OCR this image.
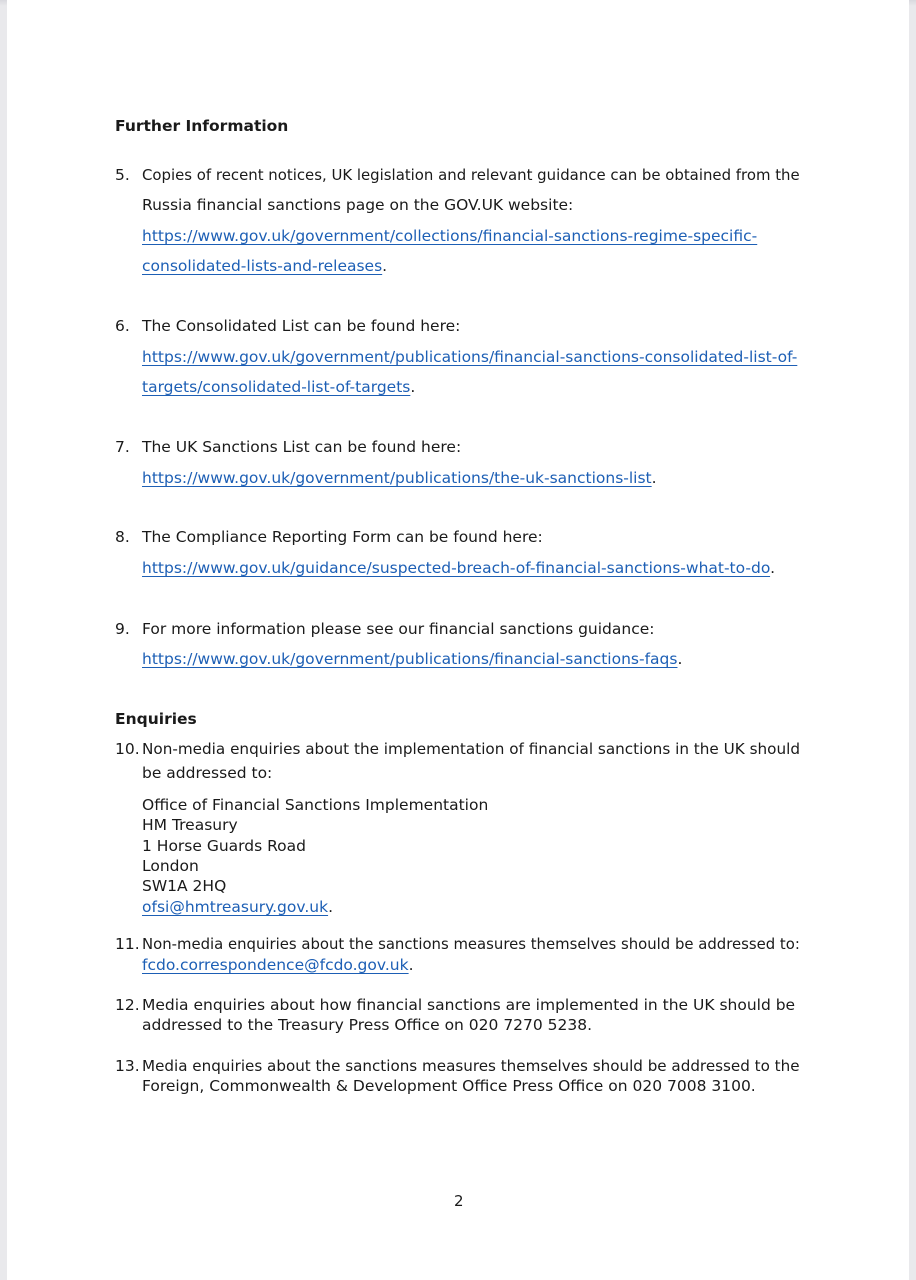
Further Information
5. Copies of recent notices, UK legislation and relevant guidance can be obtained from the
Russia financial sanctions page on the GOV.UK website:
https://www.gov.uk/government/collections/financial-sanctions-regime-specific-
consolidated-lists-and-releases.
6. The Consolidated List can be found here:
https://www.gov.uk/government/publications/financial-sanctions-consolidated-list-of-
targets/consolidated-list-of-targets.
7. The UK Sanctions List can be found here:
https://www.gov.uk/government/publications/the-uk-sanctions-list.
8. The Compliance Reporting Form can be found here:
https://www.gov.uk/guidance/suspected-breach-of-financial-sanctions-what-to-do.
9. For more information please see our financial sanctions guidance:
https://www.gov.uk/government/publications/financial-sanctions-faqs.
Enquiries
10. Non-media enquiries about the implementation of financial sanctions in the UK should
be addressed to:
Office of Financial Sanctions Implementation
HM Treasury
1 Horse Guards Road
London
SW1A 2HQ
ofsi@hmtreasury.gov.uk.
11. Non-media enquiries about the sanctions measures themselves should be addressed to:
fcdo.correspondence@fcdo.gov.uk.
12. Media enquiries about how financial sanctions are implemented in the UK should be
addressed to the Treasury Press Office on 020 7270 5238.
13. Media enquiries about the sanctions measures themselves should be addressed to the
Foreign, Commonwealth & Development Office Press Office on 020 7008 3100.
2
